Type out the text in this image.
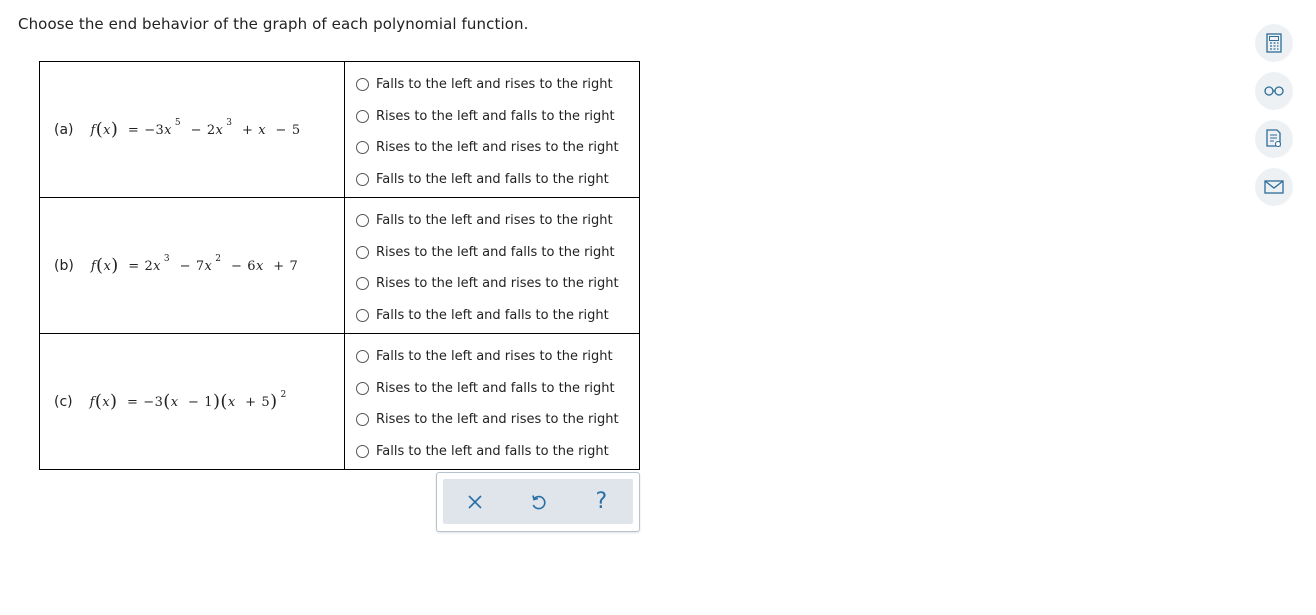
Choose the end behavior of the graph of each polynomial function.
(a) $f(x) = -3x^5 - 2x^3 + x - 5$	Falls to the left and rises to the right
Rises to the left and falls to the right
Rises to the left and rises to the right
Falls to the left and falls to the right

(b) $f(x) = 2x^3 - 7x^2 - 6x + 7$	Falls to the left and rises to the right
Rises to the left and falls to the right
Rises to the left and rises to the right
Falls to the left and falls to the right

(c) f(x) = −3(x − 1)(x + 5) $^2$	Falls to the left and rises to the right
Rises to the left and falls to the right
Rises to the left and rises to the right
Falls to the left and falls to the right
?
